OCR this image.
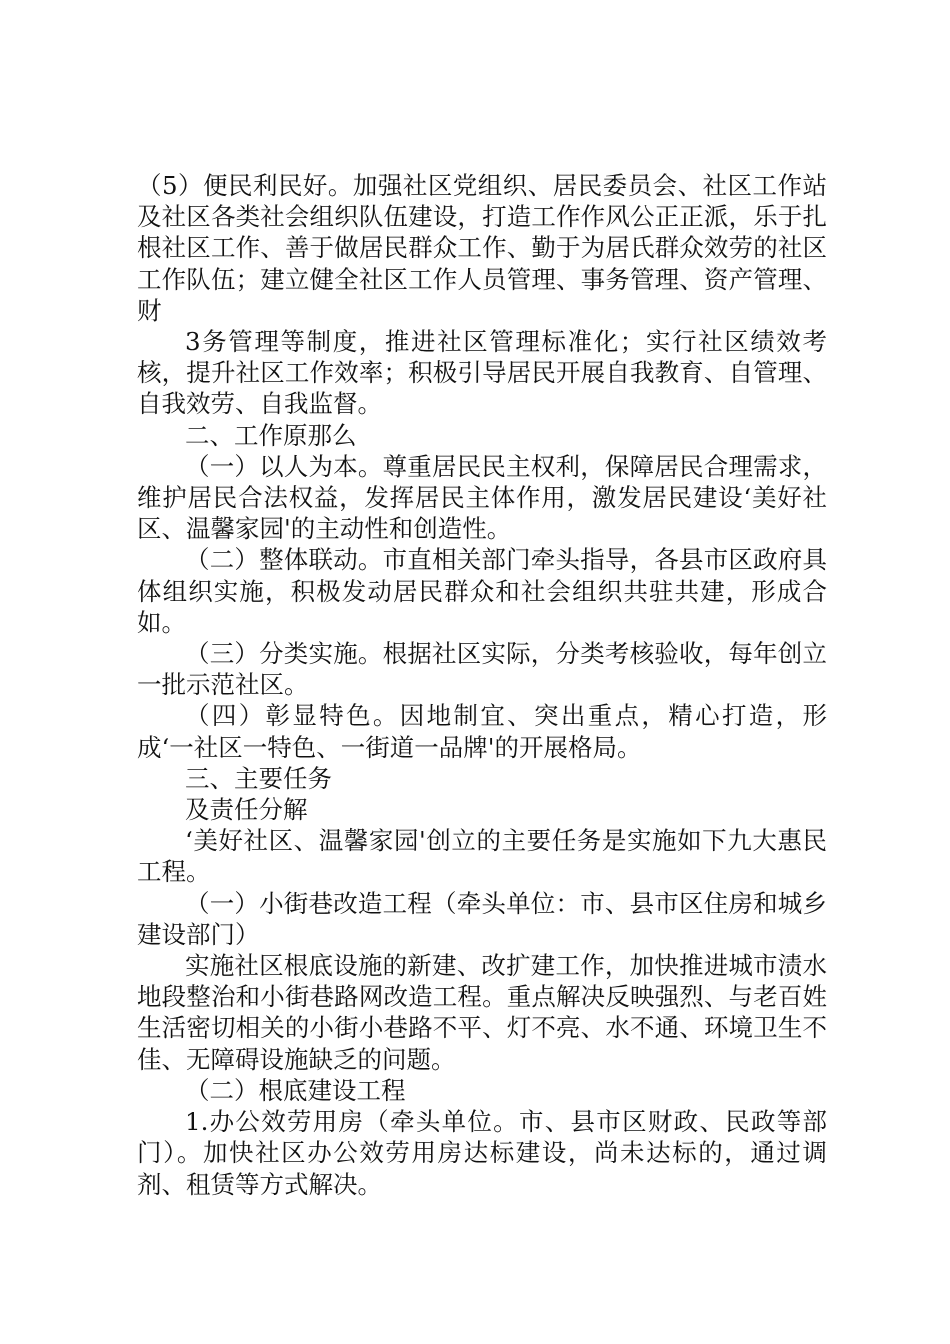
（5）便民利民好。加强社区党组织、居民委员会、社区工作站及社区各类社会组织队伍建设，打造工作作风公正正派，乐于扎根社区工作、善于做居民群众工作、勤于为居氏群众效劳的社区工作队伍；建立健全社区工作人员管理、事务管理、资产管理、财

3务管理等制度，推进社区管理标准化；实行社区绩效考核，提升社区工作效率；积极引导居民开展自我教育、自管理、自我效劳、自我监督。

二、工作原那么

（一）以人为本。尊重居民民主权利，保障居民合理需求，维护居民合法权益，发挥居民主体作用，激发居民建设‘美好社区、温馨家园'的主动性和创造性。

（二）整体联动。市直相关部门牵头指导，各县市区政府具体组织实施，积极发动居民群众和社会组织共驻共建，形成合如。

（三）分类实施。根据社区实际，分类考核验收，每年创立一批示范社区。

（四）彰显特色。因地制宜、突出重点，精心打造，形成‘一社区一特色、一街道一品牌'的开展格局。

三、主要任务

及责任分解

‘美好社区、温馨家园'创立的主要任务是实施如下九大惠民工程。

（一）小街巷改造工程（牵头单位：市、县市区住房和城乡建设部门）

实施社区根底设施的新建、改扩建工作，加快推进城市渍水地段整治和小街巷路网改造工程。重点解决反映强烈、与老百姓生活密切相关的小街小巷路不平、灯不亮、水不通、环境卫生不佳、无障碍设施缺乏的问题。

（二）根底建设工程

1.办公效劳用房（牵头单位。市、县市区财政、民政等部门）。加快社区办公效劳用房达标建设，尚未达标的，通过调剂、租赁等方式解决。
